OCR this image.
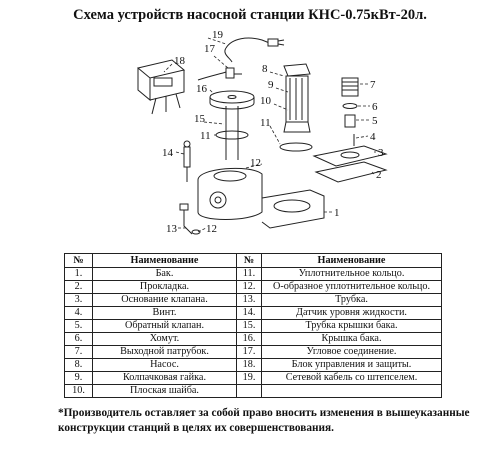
Схема устройств насосной станции КНС-0.75кВт-20л.
19
17
18
16
15
11
14
8
9
10
11
7
6
5
4
3
2
12
1
13	12
№	Наименование	№	Наименование
1.	Бак.	11.	Уплотнительное кольцо.
2.	Прокладка.	12.	О-образное уплотнительное кольцо.
3.	Основание клапана.	13.	Трубка.
4.	Винт.	14.	Датчик уровня жидкости.
5.	Обратный клапан.	15.	Трубка крышки бака.
6.	Хомут.	16.	Крышка бака.
7.	Выходной патрубок.	17.	Угловое соединение.
8.	Насос.	18.	Блок управления и защиты.
9.	Колпачковая гайка.	19.	Сетевой кабель со штепселем.
10.	Плоская шайба.		
*Производитель оставляет за собой право вносить изменения в вышеуказанные конструкции станций в целях их совершенствования.
